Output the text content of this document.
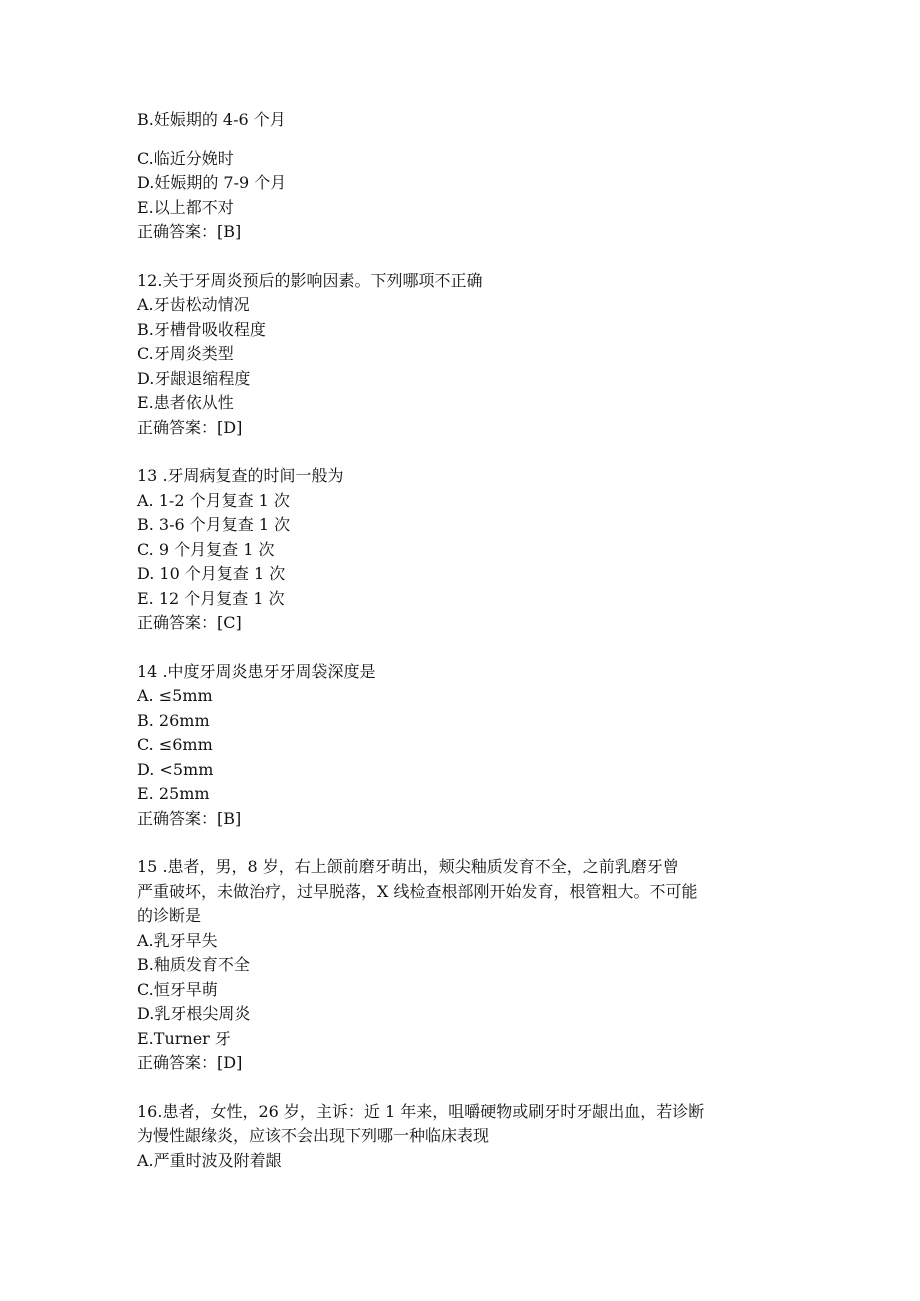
B.妊娠期的 4-6 个月
C.临近分娩时
D.妊娠期的 7-9 个月
E.以上都不对
正确答案：[B]
12.关于牙周炎预后的影响因素。下列哪项不正确
A.牙齿松动情况
B.牙槽骨吸收程度
C.牙周炎类型
D.牙龈退缩程度
E.患者依从性
正确答案：[D]
13 .牙周病复查的时间一般为
A. 1-2 个月复查 1 次
B. 3-6 个月复查 1 次
C. 9 个月复查 1 次
D. 10 个月复查 1 次
E. 12 个月复查 1 次
正确答案：[C]
14 .中度牙周炎患牙牙周袋深度是
A. ≤5mm
B. 26mm
C. ≤6mm
D. <5mm
E. 25mm
正确答案：[B]
15 .患者，男，8 岁，右上颌前磨牙萌出，颊尖釉质发育不全，之前乳磨牙曾
严重破坏，未做治疗，过早脱落，X 线检查根部刚开始发育，根管粗大。不可能
的诊断是
A.乳牙早失
B.釉质发育不全
C.恒牙早萌
D.乳牙根尖周炎
E.Turner 牙
正确答案：[D]
16.患者，女性，26 岁，主诉：近 1 年来，咀嚼硬物或刷牙时牙龈出血，若诊断
为慢性龈缘炎，应该不会出现下列哪一种临床表现
A.严重时波及附着龈
